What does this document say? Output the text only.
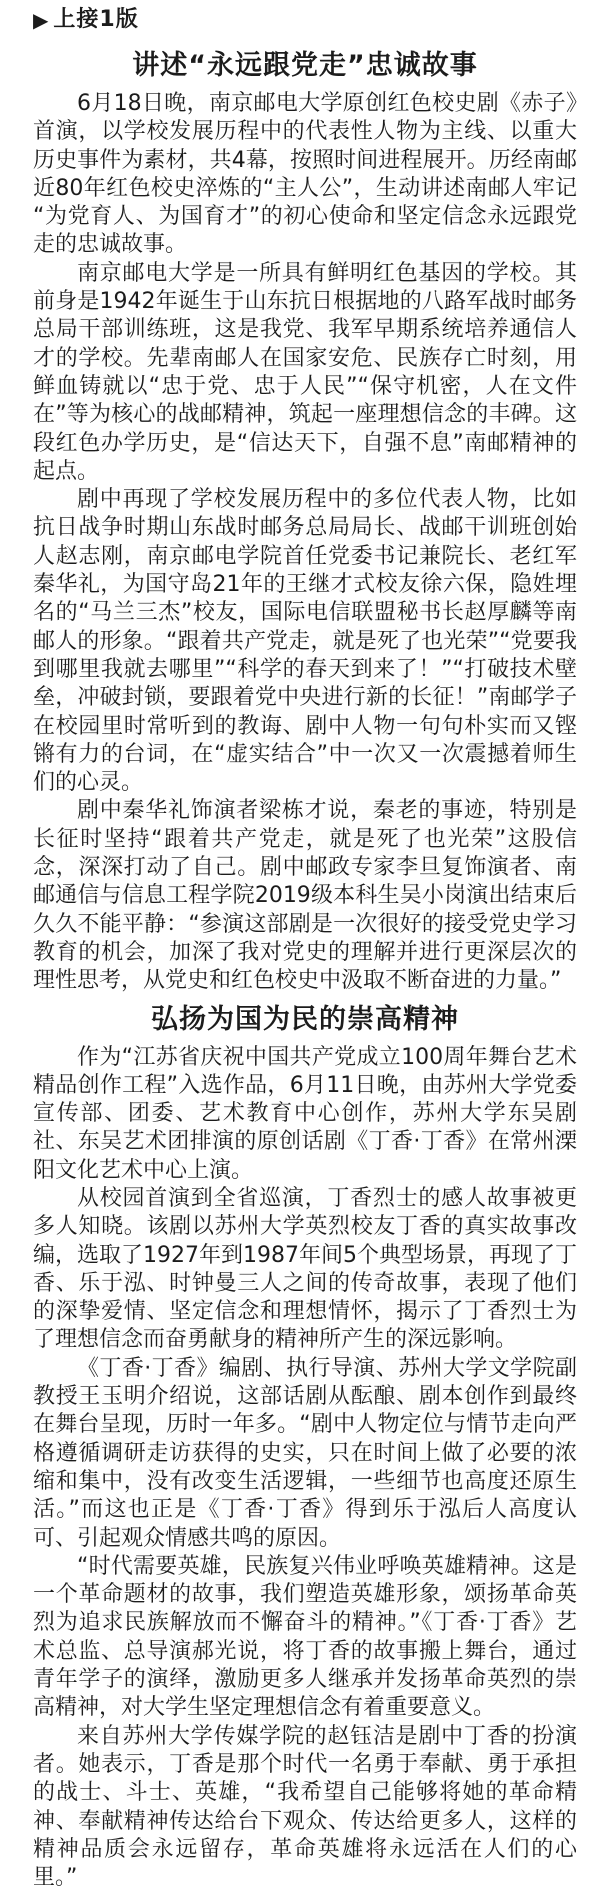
▶ 上接1版
讲述“永远跟党走”忠诚故事

6月18日晚，南京邮电大学原创红色校史剧《赤子》首演，以学校发展历程中的代表性人物为主线、以重大历史事件为素材，共4幕，按照时间进程展开。历经南邮近80年红色校史淬炼的“主人公”，生动讲述南邮人牢记“为党育人、为国育才”的初心使命和坚定信念永远跟党走的忠诚故事。

南京邮电大学是一所具有鲜明红色基因的学校。其前身是1942年诞生于山东抗日根据地的八路军战时邮务总局干部训练班，这是我党、我军早期系统培养通信人才的学校。先辈南邮人在国家安危、民族存亡时刻，用鲜血铸就以“忠于党、忠于人民”“保守机密，人在文件在”等为核心的战邮精神，筑起一座理想信念的丰碑。这段红色办学历史，是“信达天下，自强不息”南邮精神的起点。

剧中再现了学校发展历程中的多位代表人物，比如抗日战争时期山东战时邮务总局局长、战邮干训班创始人赵志刚，南京邮电学院首任党委书记兼院长、老红军秦华礼，为国守岛21年的王继才式校友徐六保，隐姓埋名的“马兰三杰”校友，国际电信联盟秘书长赵厚麟等南邮人的形象。“跟着共产党走，就是死了也光荣”“党要我到哪里我就去哪里”“科学的春天到来了！”“打破技术壁垒，冲破封锁，要跟着党中央进行新的长征！”南邮学子在校园里时常听到的教诲、剧中人物一句句朴实而又铿锵有力的台词，在“虚实结合”中一次又一次震撼着师生们的心灵。

剧中秦华礼饰演者梁栋才说，秦老的事迹，特别是长征时坚持“跟着共产党走，就是死了也光荣”这股信念，深深打动了自己。剧中邮政专家李旦复饰演者、南邮通信与信息工程学院2019级本科生吴小岗演出结束后久久不能平静：“参演这部剧是一次很好的接受党史学习教育的机会，加深了我对党史的理解并进行更深层次的理性思考，从党史和红色校史中汲取不断奋进的力量。”

弘扬为国为民的崇高精神

作为“江苏省庆祝中国共产党成立100周年舞台艺术精品创作工程”入选作品，6月11日晚，由苏州大学党委宣传部、团委、艺术教育中心创作，苏州大学东吴剧社、东吴艺术团排演的原创话剧《丁香·丁香》在常州溧阳文化艺术中心上演。

从校园首演到全省巡演，丁香烈士的感人故事被更多人知晓。该剧以苏州大学英烈校友丁香的真实故事改编，选取了1927年到1987年间5个典型场景，再现了丁香、乐于泓、时钟曼三人之间的传奇故事，表现了他们的深挚爱情、坚定信念和理想情怀，揭示了丁香烈士为了理想信念而奋勇献身的精神所产生的深远影响。

《丁香·丁香》编剧、执行导演、苏州大学文学院副教授王玉明介绍说，这部话剧从酝酿、剧本创作到最终在舞台呈现，历时一年多。“剧中人物定位与情节走向严格遵循调研走访获得的史实，只在时间上做了必要的浓缩和集中，没有改变生活逻辑，一些细节也高度还原生活。”而这也正是《丁香·丁香》得到乐于泓后人高度认可、引起观众情感共鸣的原因。

“时代需要英雄，民族复兴伟业呼唤英雄精神。这是一个革命题材的故事，我们塑造英雄形象，颂扬革命英烈为追求民族解放而不懈奋斗的精神。”《丁香·丁香》艺术总监、总导演郝光说，将丁香的故事搬上舞台，通过青年学子的演绎，激励更多人继承并发扬革命英烈的崇高精神，对大学生坚定理想信念有着重要意义。

来自苏州大学传媒学院的赵钰洁是剧中丁香的扮演者。她表示，丁香是那个时代一名勇于奉献、勇于承担的战士、斗士、英雄，“我希望自己能够将她的革命精神、奉献精神传达给台下观众、传达给更多人，这样的精神品质会永远留存，革命英雄将永远活在人们的心里。”
